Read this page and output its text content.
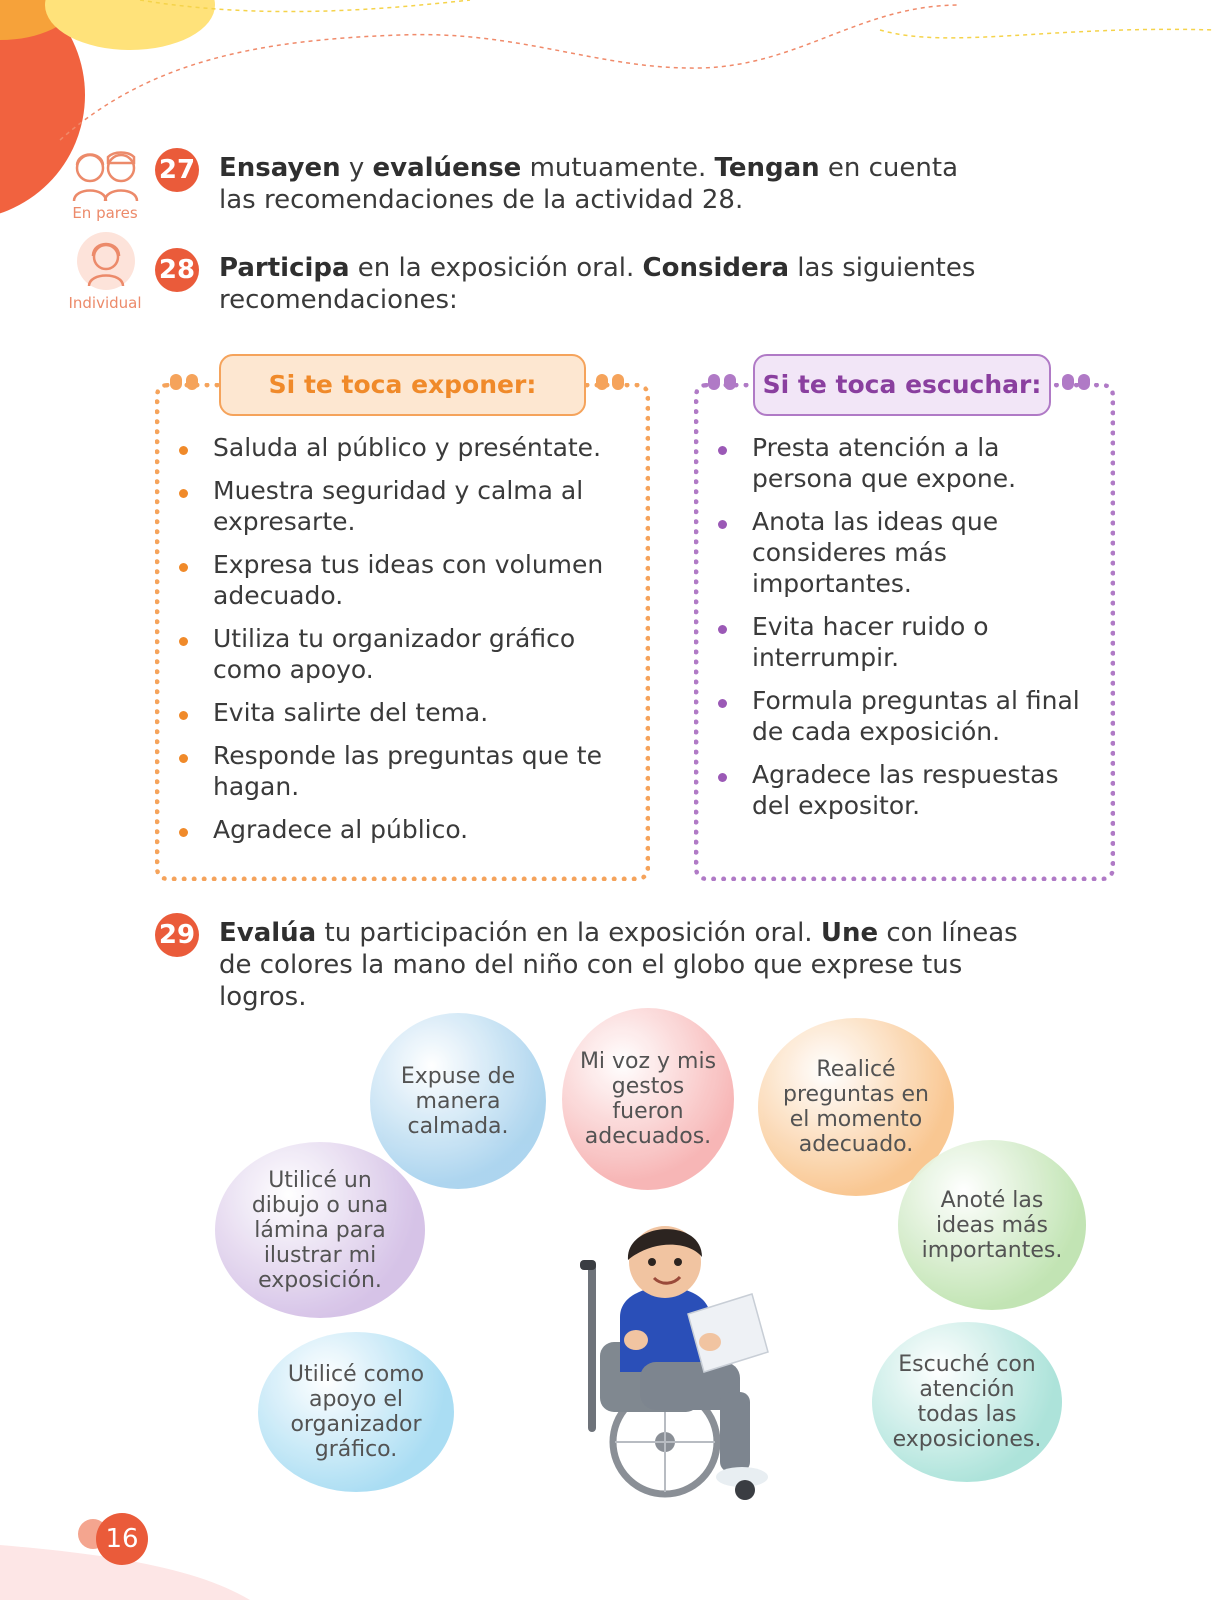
En pares
27 Ensayen y evalúense mutuamente. Tengan en cuenta las recomendaciones de la actividad 28.
Individual
28 Participa en la exposición oral. Considera las siguientes recomendaciones:
Si te toca exponer:
Saluda al público y preséntate.
Muestra seguridad y calma al expresarte.
Expresa tus ideas con volumen adecuado.
Utiliza tu organizador gráfico como apoyo.
Evita salirte del tema.
Responde las preguntas que te hagan.
Agradece al público.
Si te toca escuchar:
Presta atención a la persona que expone.
Anota las ideas que consideres más importantes.
Evita hacer ruido o interrumpir.
Formula preguntas al final de cada exposición.
Agradece las respuestas del expositor.
29 Evalúa tu participación en la exposición oral. Une con líneas de colores la mano del niño con el globo que exprese tus logros.
Expuse de manera calmada.
Mi voz y mis gestos fueron adecuados.
Realicé preguntas en el momento adecuado.
Utilicé un dibujo o una lámina para ilustrar mi exposición.
Anoté las ideas más importantes.
Utilicé como apoyo el organizador gráfico.
Escuché con atención todas las exposiciones.
16
